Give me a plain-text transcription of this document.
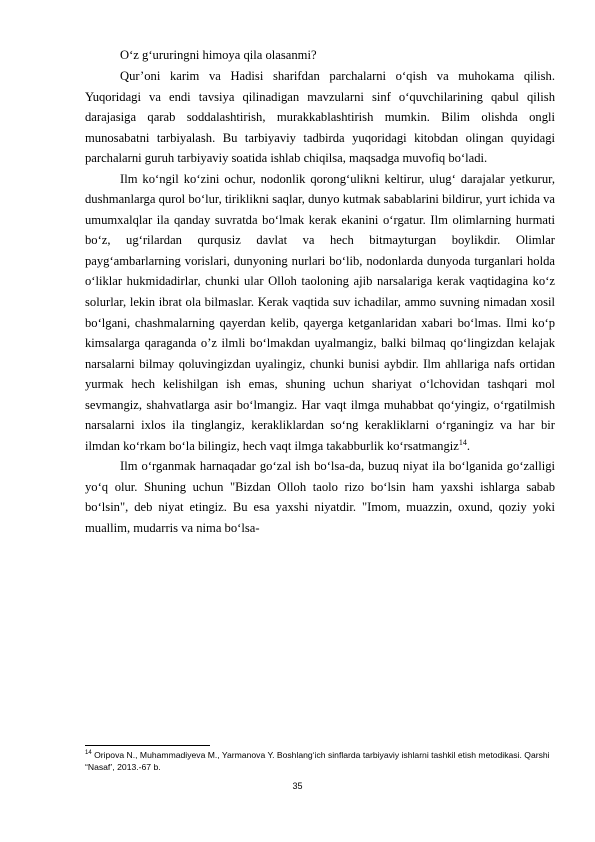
O‘z g‘ururingni himoya qila olasanmi?

Qur’oni karim va Hadisi sharifdan parchalarni o‘qish va muhokama qilish. Yuqoridagi va endi tavsiya qilinadigan mavzularni sinf o‘quvchilarining qabul qilish darajasiga qarab soddalashtirish, murakkablashtirish mumkin. Bilim olishda ongli munosabatni tarbiyalash. Bu tarbiyaviy tadbirda yuqoridagi kitobdan olingan quyidagi parchalarni guruh tarbiyaviy soatida ishlab chiqilsa, maqsadga muvofiq bo‘ladi.

Ilm ko‘ngil ko‘zini ochur, nodonlik qorong‘ulikni keltirur, ulug‘ darajalar yetkurur, dushmanlarga qurol bo‘lur, tiriklikni saqlar, dunyo kutmak sabablarini bildirur, yurt ichida va umumxalqlar ila qanday suvratda bo‘lmak kerak ekanini o‘rgatur. Ilm olimlarning hurmati bo‘z, ug‘rilardan qurqusiz davlat va hech bitmayturgan boylikdir. Olimlar payg‘ambarlarning vorislari, dunyoning nurlari bo‘lib, nodonlarda dunyoda turganlari holda o‘liklar hukmidadirlar, chunki ular Olloh taoloning ajib narsalariga kerak vaqtidagina ko‘z solurlar, lekin ibrat ola bilmaslar. Kerak vaqtida suv ichadilar, ammo suvning nimadan xosil bo‘lgani, chashmalarning qayerdan kelib, qayerga ketganlaridan xabari bo‘lmas. Ilmi ko‘p kimsalarga qaraganda o’z ilmli bo‘lmakdan uyalmangiz, balki bilmaq qo‘lingizdan kelajak narsalarni bilmay qoluvingizdan uyalingiz, chunki bunisi aybdir. Ilm ahllariga nafs ortidan yurmak hech kelishilgan ish emas, shuning uchun shariyat o‘lchovidan tashqari mol sevmangiz, shahvatlarga asir bo‘lmangiz. Har vaqt ilmga muhabbat qo‘yingiz, o‘rgatilmish narsalarni ixlos ila tinglangiz, kerakliklardan so‘ng kerakliklarni o‘rganingiz va har bir ilmdan ko‘rkam bo‘la bilingiz, hech vaqt ilmga takabburlik ko‘rsatmangiz$^{14}$.

Ilm o‘rganmak harnaqadar go‘zal ish bo‘lsa-da, buzuq niyat ila bo‘lganida go‘zalligi yo‘q olur. Shuning uchun "Bizdan Olloh taolo rizo bo‘lsin ham yaxshi ishlarga sabab bo‘lsin", deb niyat etingiz. Bu esa yaxshi niyatdir. "Imom, muazzin, oxund, qoziy yoki muallim, mudarris va nima bo‘lsa-

$^{14}$ Oripova N., Muhammadiyeva M., Yarmanova Y. Boshlang‘ich sinflarda tarbiyaviy ishlarni tashkil etish metodikasi. Qarshi “Nasaf’, 2013.-67 b.
35
